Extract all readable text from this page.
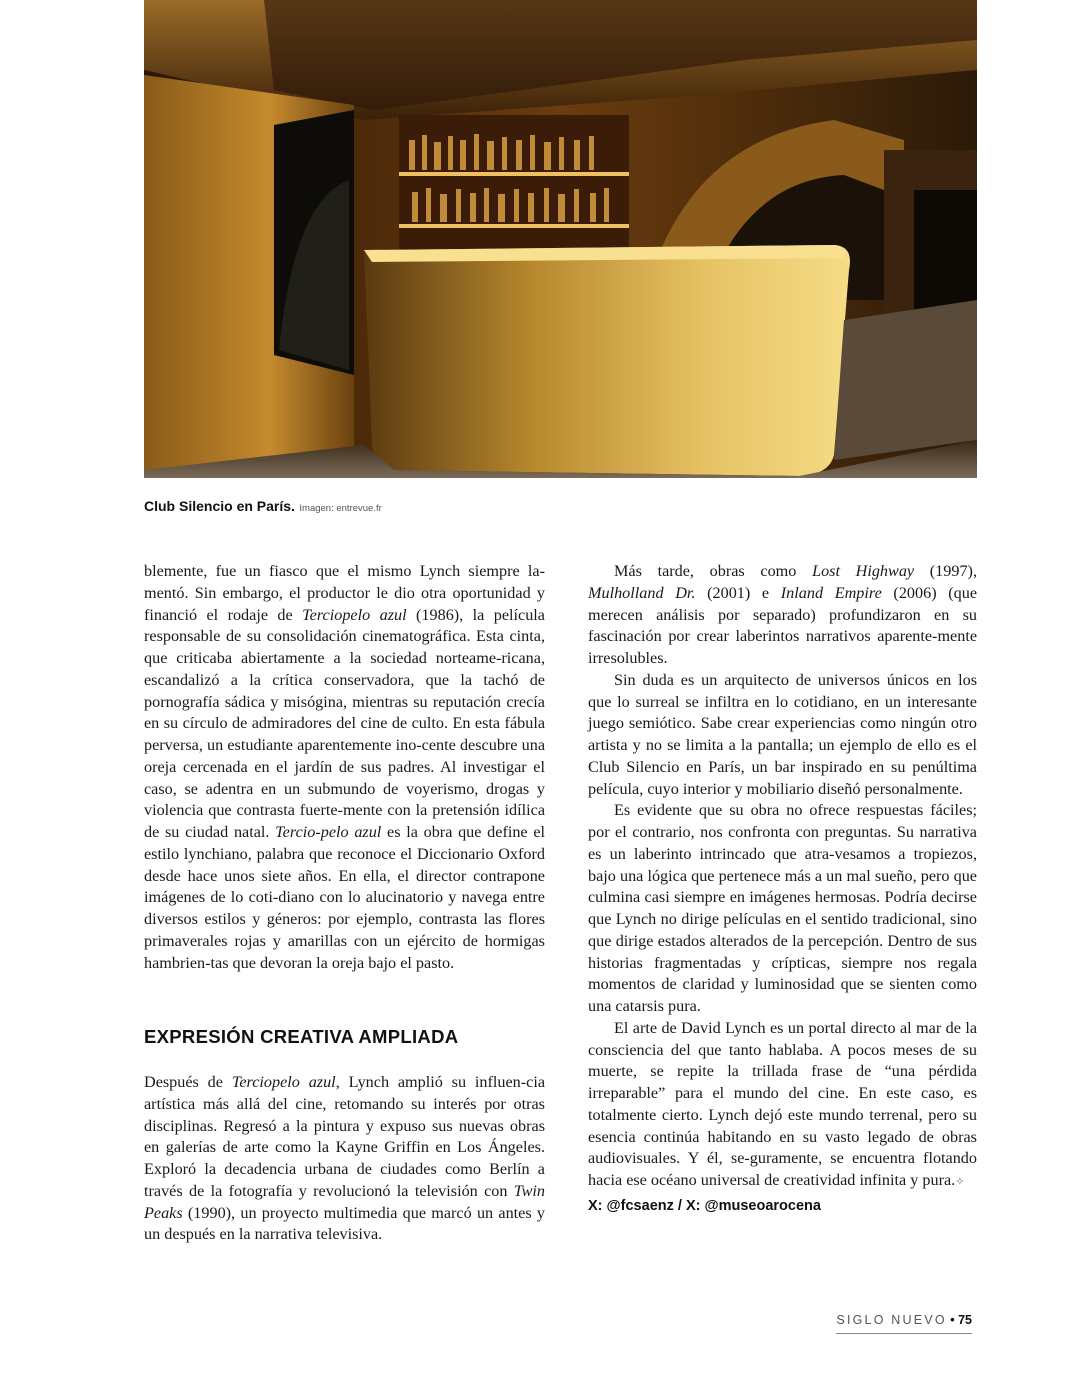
Club Silencio en París. Imagen: entrevue.fr

blemente, fue un fiasco que el mismo Lynch siempre la-mentó. Sin embargo, el productor le dio otra oportunidad y financió el rodaje de Terciopelo azul (1986), la película responsable de su consolidación cinematográfica. Esta cinta, que criticaba abiertamente a la sociedad norteame-ricana, escandalizó a la crítica conservadora, que la tachó de pornografía sádica y misógina, mientras su reputación crecía en su círculo de admiradores del cine de culto. En esta fábula perversa, un estudiante aparentemente ino-cente descubre una oreja cercenada en el jardín de sus padres. Al investigar el caso, se adentra en un submundo de voyerismo, drogas y violencia que contrasta fuerte-mente con la pretensión idílica de su ciudad natal. Tercio-pelo azul es la obra que define el estilo lynchiano, palabra que reconoce el Diccionario Oxford desde hace unos siete años. En ella, el director contrapone imágenes de lo coti-diano con lo alucinatorio y navega entre diversos estilos y géneros: por ejemplo, contrasta las flores primaverales rojas y amarillas con un ejército de hormigas hambrien-tas que devoran la oreja bajo el pasto.

EXPRESIÓN CREATIVA AMPLIADA

Después de Terciopelo azul, Lynch amplió su influen-cia artística más allá del cine, retomando su interés por otras disciplinas. Regresó a la pintura y expuso sus nuevas obras en galerías de arte como la Kayne Griffin en Los Ángeles. Exploró la decadencia urbana de ciudades como Berlín a través de la fotografía y revolucionó la televisión con Twin Peaks (1990), un proyecto multimedia que marcó un antes y un después en la narrativa televisiva.

Más tarde, obras como Lost Highway (1997), Mulholland Dr. (2001) e Inland Empire (2006) (que merecen análisis por separado) profundizaron en su fascinación por crear laberintos narrativos aparente-mente irresolubles.

Sin duda es un arquitecto de universos únicos en los que lo surreal se infiltra en lo cotidiano, en un interesante juego semiótico. Sabe crear experiencias como ningún otro artista y no se limita a la pantalla; un ejemplo de ello es el Club Silencio en París, un bar inspirado en su penúltima película, cuyo interior y mobiliario diseñó personalmente.

Es evidente que su obra no ofrece respuestas fáciles; por el contrario, nos confronta con preguntas. Su narrativa es un laberinto intrincado que atra-vesamos a tropiezos, bajo una lógica que pertenece más a un mal sueño, pero que culmina casi siempre en imágenes hermosas. Podría decirse que Lynch no dirige películas en el sentido tradicional, sino que dirige estados alterados de la percepción. Dentro de sus historias fragmentadas y crípticas, siempre nos regala momentos de claridad y luminosidad que se sienten como una catarsis pura.

El arte de David Lynch es un portal directo al mar de la consciencia del que tanto hablaba. A pocos meses de su muerte, se repite la trillada frase de “una pérdida irreparable” para el mundo del cine. En este caso, es totalmente cierto. Lynch dejó este mundo terrenal, pero su esencia continúa habitando en su vasto legado de obras audiovisuales. Y él, se-guramente, se encuentra flotando hacia ese océano universal de creatividad infinita y pura.✧

X: @fcsaenz / X: @museoarocena
SIGLO NUEVO • 75
